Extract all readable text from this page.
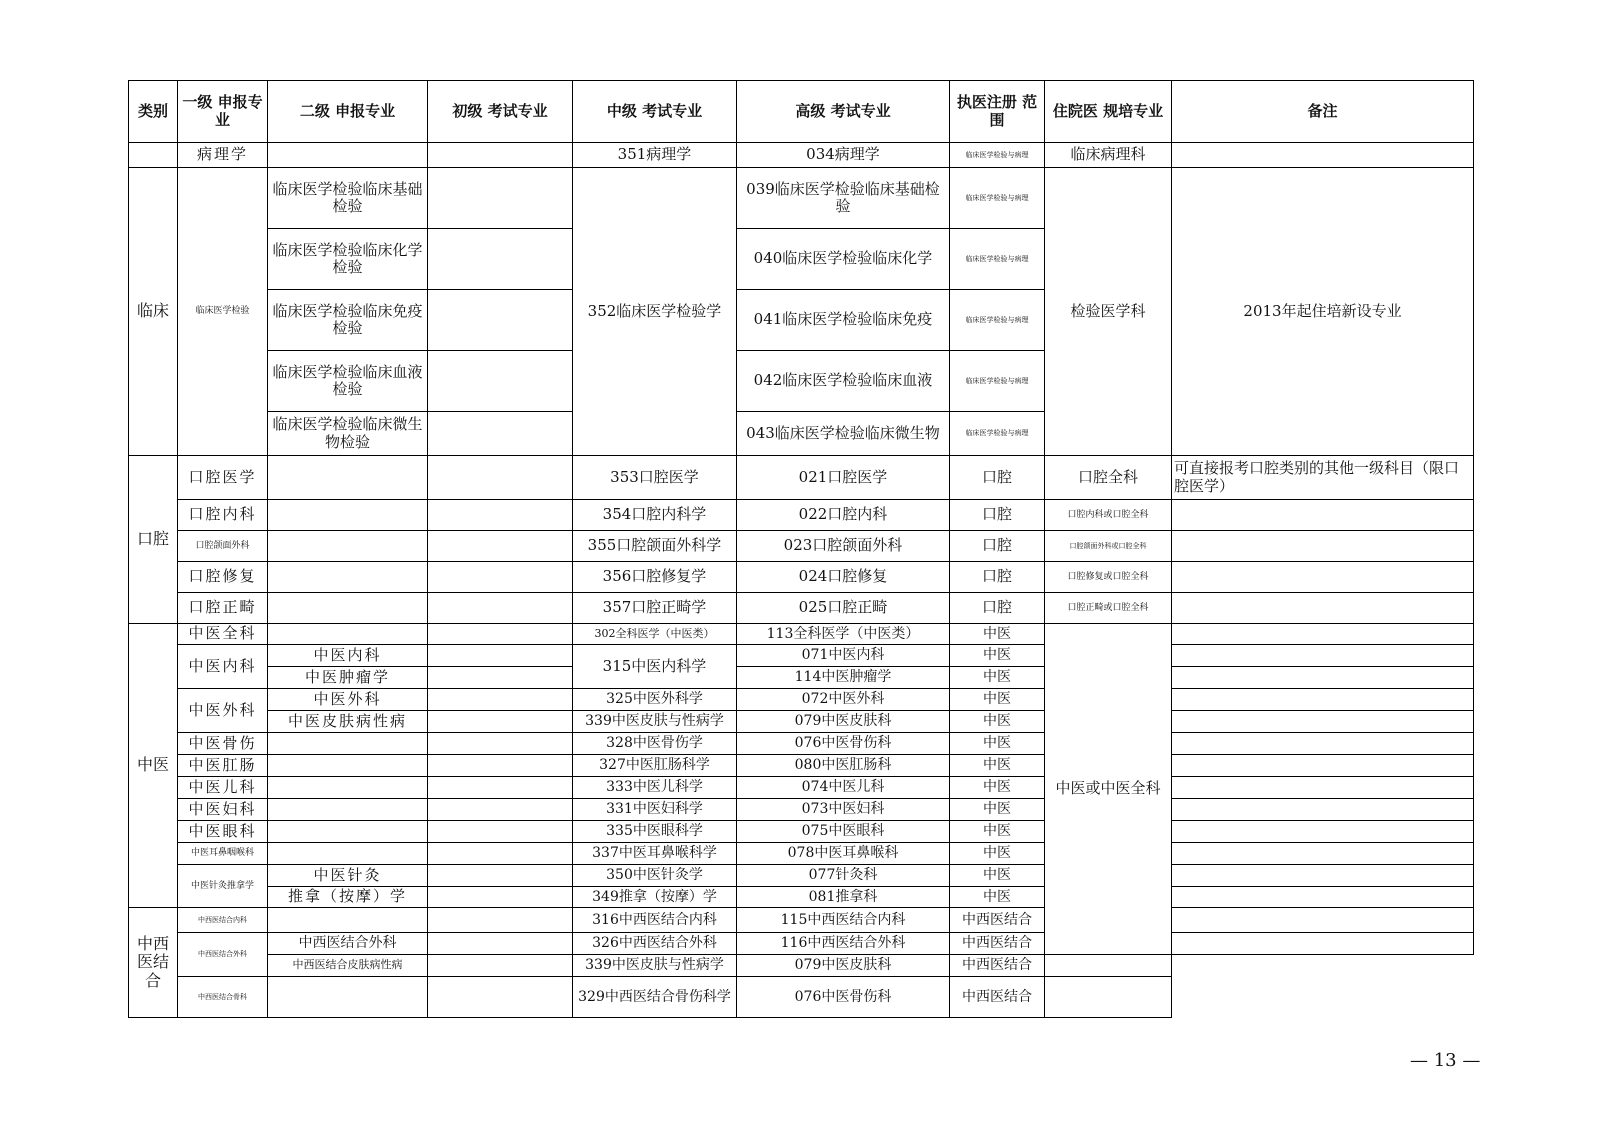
类别	一级 申报专业	二级 申报专业	初级 考试专业	中级 考试专业	高级 考试专业	执医注册 范围	住院医 规培专业	备注
	病理学			351病理学	034病理学	临床医学检验与病理	临床病理科	
临床	临床医学检验	临床医学检验临床基础检验		352临床医学检验学	039临床医学检验临床基础检验	临床医学检验与病理	检验医学科	2013年起住培新设专业
		临床医学检验临床化学检验			040临床医学检验临床化学	临床医学检验与病理		
		临床医学检验临床免疫检验			041临床医学检验临床免疫	临床医学检验与病理		
		临床医学检验临床血液检验			042临床医学检验临床血液	临床医学检验与病理		
		临床医学检验临床微生物检验			043临床医学检验临床微生物	临床医学检验与病理		
口腔	口腔医学			353口腔医学	021口腔医学	口腔	口腔全科	可直接报考口腔类别的其他一级科目（限口腔医学）
	口腔内科			354口腔内科学	022口腔内科	口腔	口腔内科或口腔全科	
	口腔颌面外科			355口腔颌面外科学	023口腔颌面外科	口腔	口腔颌面外科或口腔全科	
	口腔修复			356口腔修复学	024口腔修复	口腔	口腔修复或口腔全科	
	口腔正畸			357口腔正畸学	025口腔正畸	口腔	口腔正畸或口腔全科	
中医	中医全科			302全科医学（中医类）	113全科医学（中医类）	中医	中医或中医全科	
	中医内科	中医内科		315中医内科学	071中医内科	中医		
		中医肿瘤学			114中医肿瘤学	中医		
	中医外科	中医外科		325中医外科学	072中医外科	中医		
		中医皮肤病性病		339中医皮肤与性病学	079中医皮肤科	中医		
	中医骨伤			328中医骨伤学	076中医骨伤科	中医		
	中医肛肠			327中医肛肠科学	080中医肛肠科	中医		
	中医儿科			333中医儿科学	074中医儿科	中医		
	中医妇科			331中医妇科学	073中医妇科	中医		
	中医眼科			335中医眼科学	075中医眼科	中医		
	中医耳鼻咽喉科			337中医耳鼻喉科学	078中医耳鼻喉科	中医		
	中医针灸推拿学	中医针灸		350中医针灸学	077针灸科	中医		
		推拿（按摩）学		349推拿（按摩）学	081推拿科	中医		
中西医结合	中西医结合内科			316中西医结合内科	115中西医结合内科	中西医结合		
	中西医结合外科	中西医结合外科		326中西医结合外科	116中西医结合外科	中西医结合		
		中西医结合皮肤病性病		339中医皮肤与性病学	079中医皮肤科	中西医结合		
	中西医结合骨科			329中西医结合骨伤科学	076中医骨伤科	中西医结合		
— 13 —
